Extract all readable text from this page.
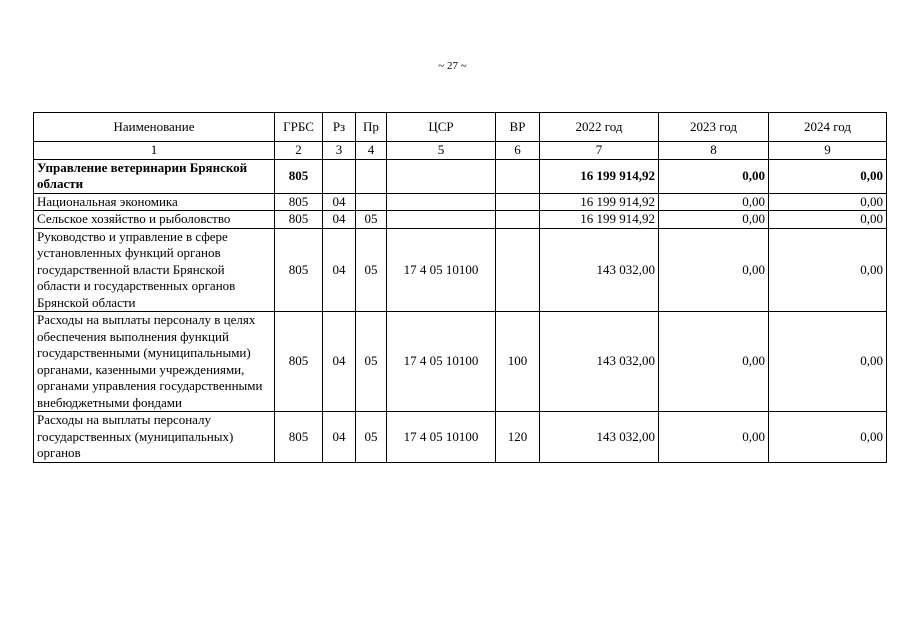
~ 27 ~
Наименование	ГРБС	Рз	Пр	ЦСР	ВР	2022 год	2023 год	2024 год
1	2	3	4	5	6	7	8	9
Управление ветеринарии Брянской области	805					16 199 914,92	0,00	0,00
Национальная экономика	805	04				16 199 914,92	0,00	0,00
Сельское хозяйство и рыболовство	805	04	05			16 199 914,92	0,00	0,00
Руководство и управление в сфере установленных функций органов государственной власти Брянской области и государственных органов Брянской области	805	04	05	17 4 05 10100		143 032,00	0,00	0,00
Расходы на выплаты персоналу в целях обеспечения выполнения функций государственными (муниципальными) органами, казенными учреждениями, органами управления государственными внебюджетными фондами	805	04	05	17 4 05 10100	100	143 032,00	0,00	0,00
Расходы на выплаты персоналу государственных (муниципальных) органов	805	04	05	17 4 05 10100	120	143 032,00	0,00	0,00
